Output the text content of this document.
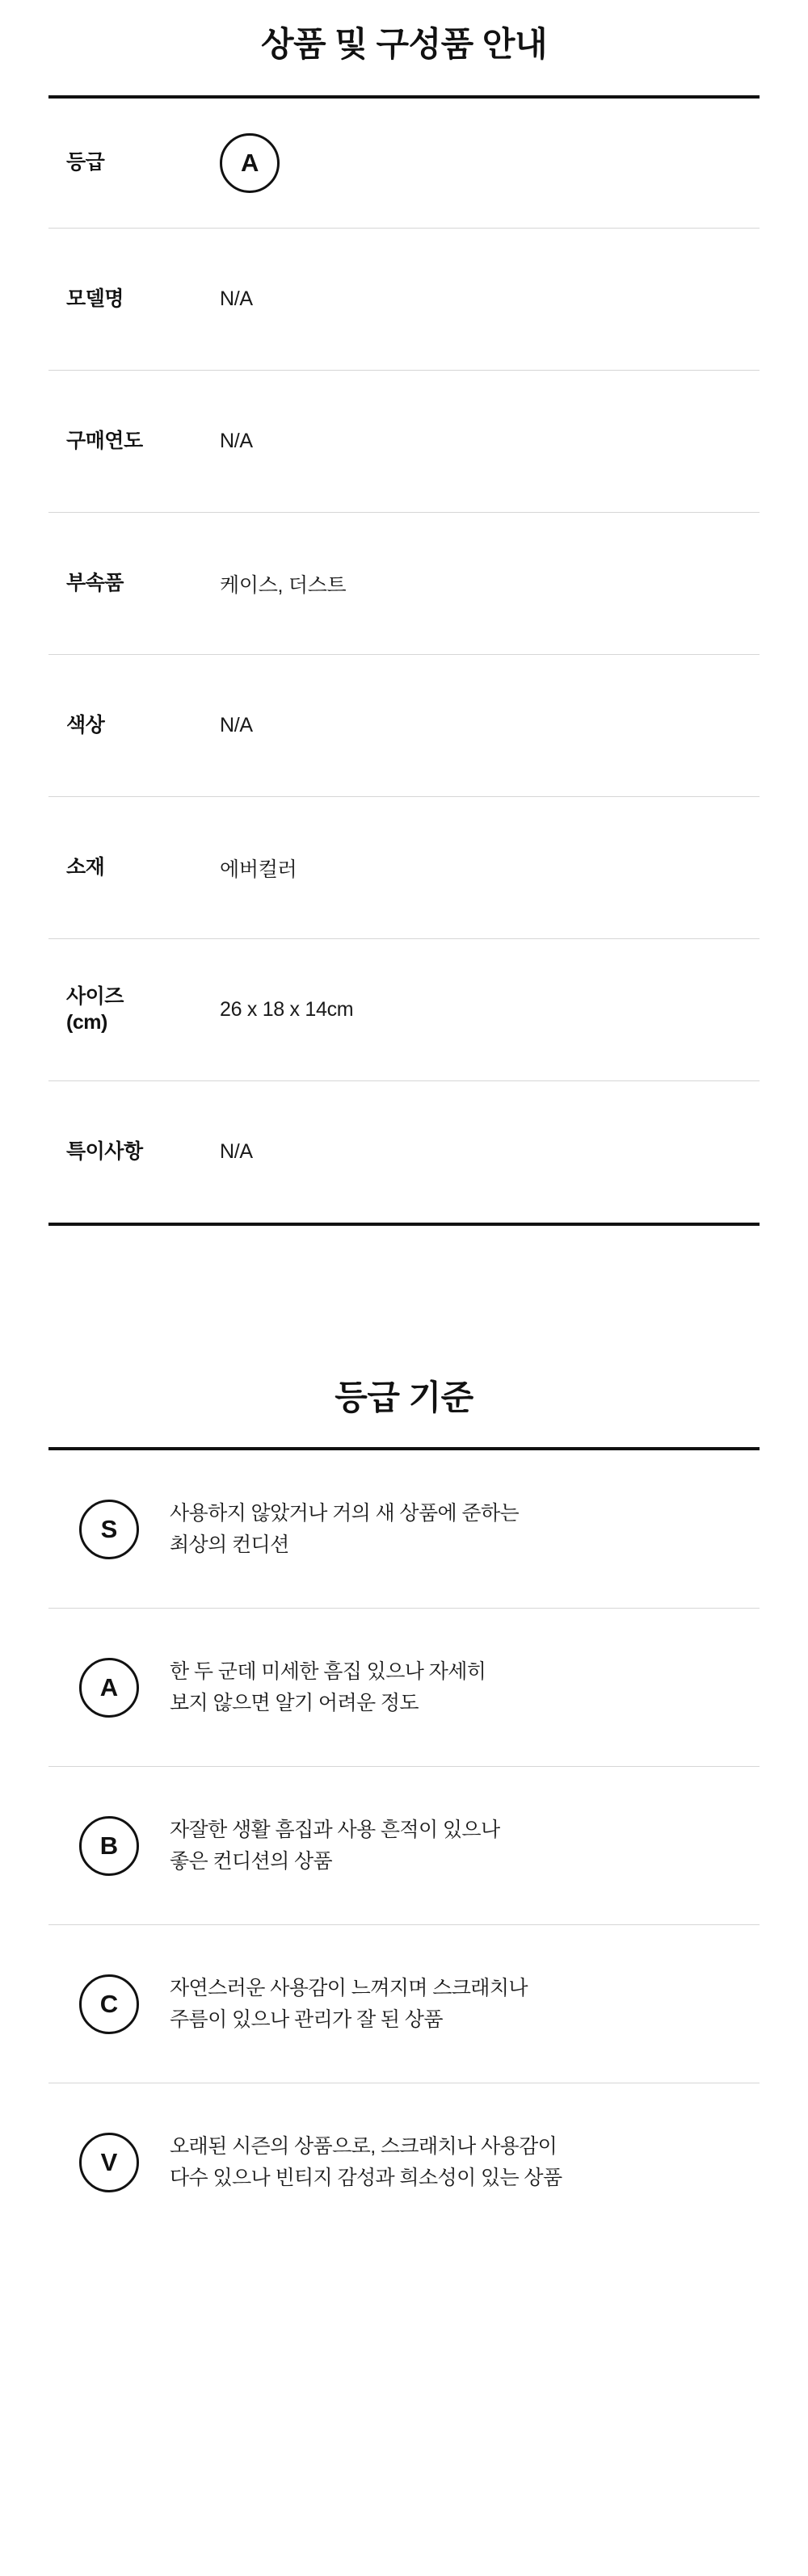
상품 및 구성품 안내
등급	A
모델명	N/A
구매연도	N/A
부속품	케이스, 더스트
색상	N/A
소재	에버컬러
사이즈
(cm)	26 x 18 x 14cm
특이사항	N/A
등급 기준
S
사용하지 않았거나 거의 새 상품에 준하는
최상의 컨디션
A
한 두 군데 미세한 흠집 있으나 자세히
보지 않으면 알기 어려운 정도
B
자잘한 생활 흠집과 사용 흔적이 있으나
좋은 컨디션의 상품
C
자연스러운 사용감이 느껴지며 스크래치나
주름이 있으나 관리가 잘 된 상품
V
오래된 시즌의 상품으로, 스크래치나 사용감이
다수 있으나 빈티지 감성과 희소성이 있는 상품
